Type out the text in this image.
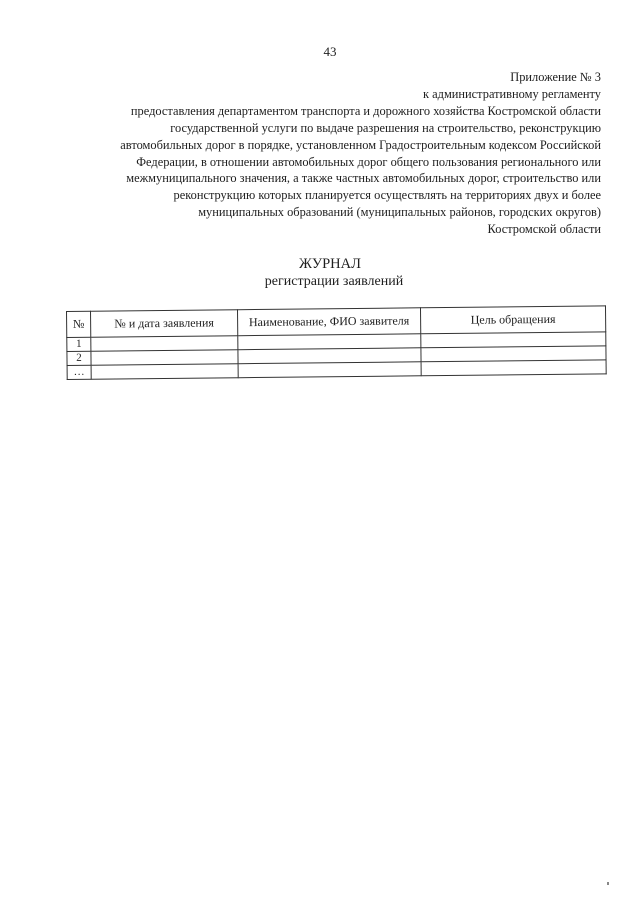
43
Приложение № 3
к административному регламенту
предоставления департаментом транспорта и дорожного хозяйства Костромской области
государственной услуги по выдаче разрешения на строительство, реконструкцию
автомобильных дорог в порядке, установленном Градостроительным кодексом Российской
Федерации, в отношении автомобильных дорог общего пользования регионального или
межмуниципального значения, а также частных автомобильных дорог, строительство или
реконструкцию которых планируется осуществлять на территориях двух и более
муниципальных образований (муниципальных районов, городских округов)
Костромской области
ЖУРНАЛ
регистрации заявлений
№	№ и дата заявления	Наименование, ФИО заявителя	Цель обращения
1			
2			
…			
